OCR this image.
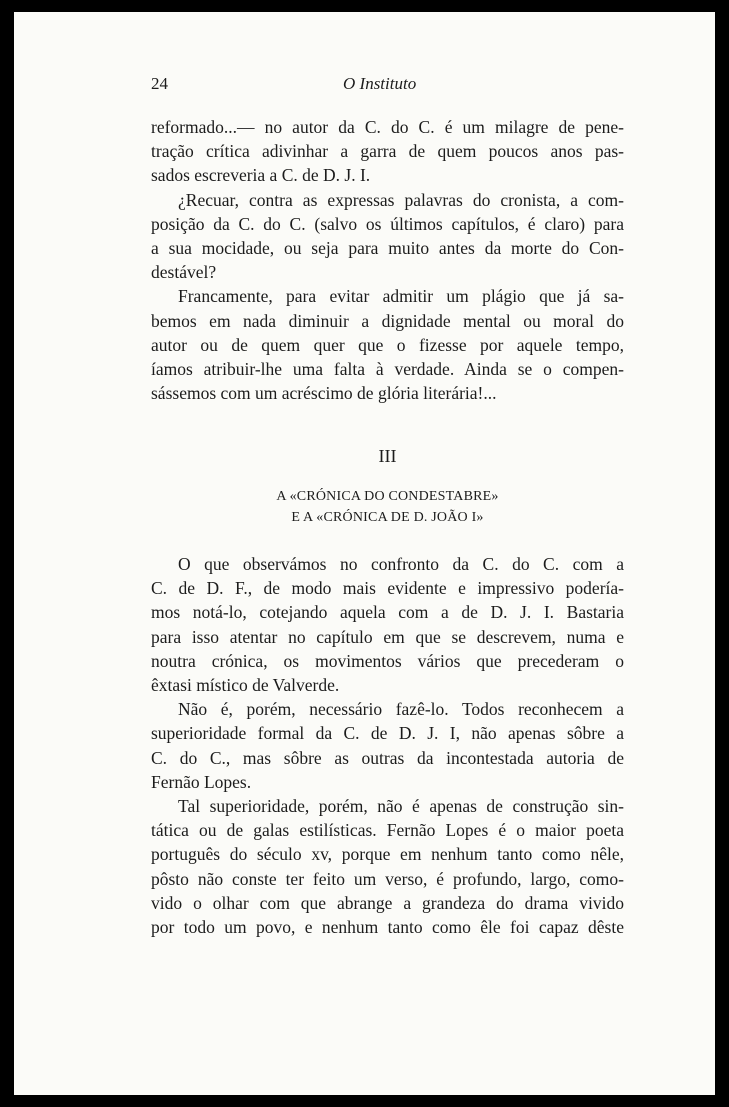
24	O Instituto

reformado...— no autor da C. do C. é um milagre de pene-
tração crítica adivinhar a garra de quem poucos anos pas-
sados escreveria a C. de D. J. I.

¿Recuar, contra as expressas palavras do cronista, a com-
posição da C. do C. (salvo os últimos capítulos, é claro) para
a sua mocidade, ou seja para muito antes da morte do Con-
destável?

Francamente, para evitar admitir um plágio que já sa-
bemos em nada diminuir a dignidade mental ou moral do
autor ou de quem quer que o fizesse por aquele tempo,
íamos atribuir-lhe uma falta à verdade. Ainda se o compen-
sássemos com um acréscimo de glória literária!...

III
A «CRÓNICA DO CONDESTABRE»
E A «CRÓNICA DE D. JOÃO I»

O que observámos no confronto da C. do C. com a
C. de D. F., de modo mais evidente e impressivo podería-
mos notá-lo, cotejando aquela com a de D. J. I. Bastaria
para isso atentar no capítulo em que se descrevem, numa e
noutra crónica, os movimentos vários que precederam o
êxtasi místico de Valverde.

Não é, porém, necessário fazê-lo. Todos reconhecem a
superioridade formal da C. de D. J. I, não apenas sôbre a
C. do C., mas sôbre as outras da incontestada autoria de
Fernão Lopes.

Tal superioridade, porém, não é apenas de construção sin-
tática ou de galas estilísticas. Fernão Lopes é o maior poeta
português do século xv, porque em nenhum tanto como nêle,
pôsto não conste ter feito um verso, é profundo, largo, como-
vido o olhar com que abrange a grandeza do drama vivido
por todo um povo, e nenhum tanto como êle foi capaz dêste
